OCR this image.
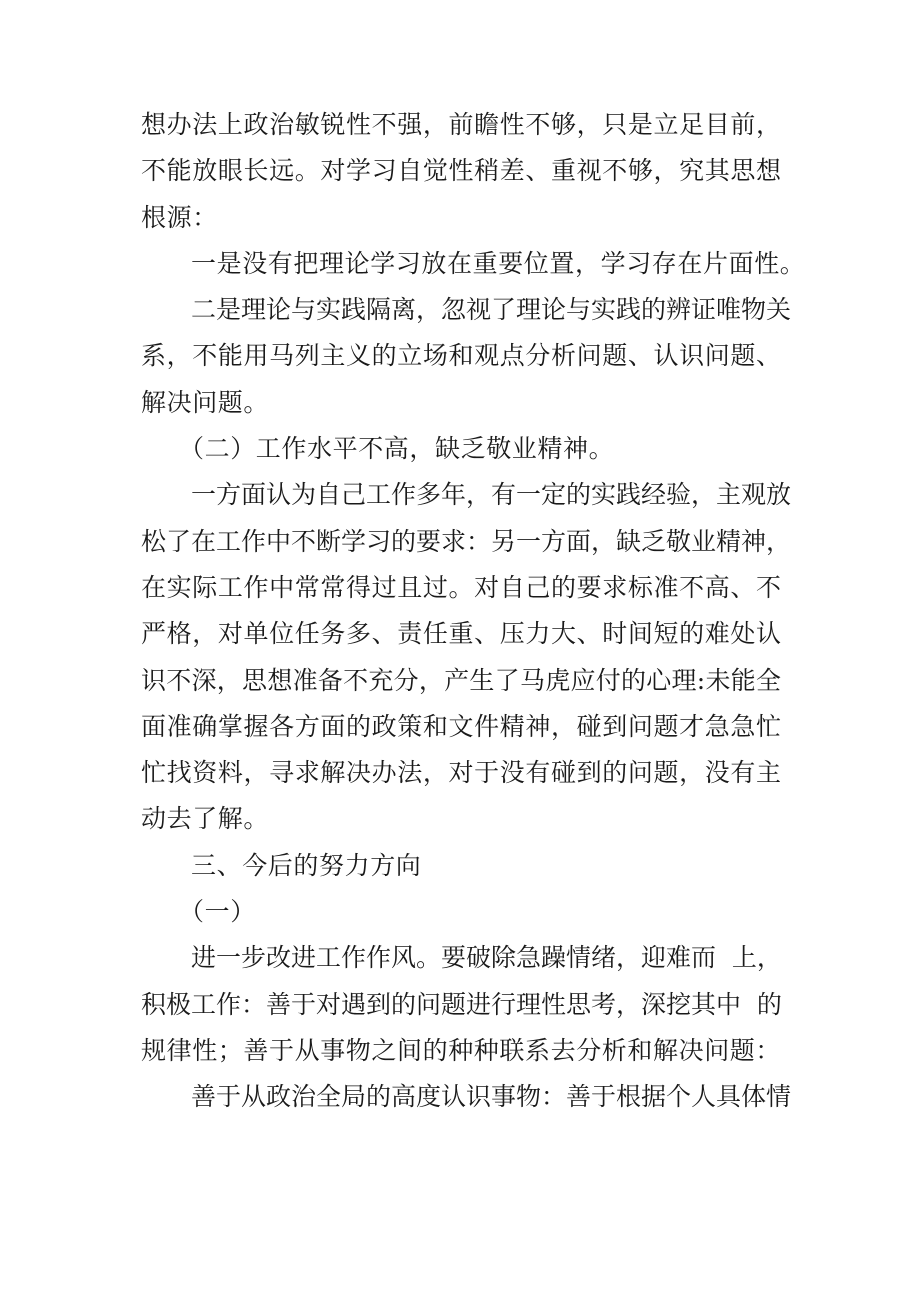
想办法上政治敏锐性不强，前瞻性不够，只是立足目前，
不能放眼长远。对学习自觉性稍差、重视不够，究其思想
根源：
一是没有把理论学习放在重要位置，学习存在片面性。
二是理论与实践隔离，忽视了理论与实践的辨证唯物关
系，不能用马列主义的立场和观点分析问题、认识问题、
解决问题。
（二）工作水平不高，缺乏敬业精神。
一方面认为自己工作多年，有一定的实践经验，主观放
松了在工作中不断学习的要求：另一方面，缺乏敬业精神，
在实际工作中常常得过且过。对自己的要求标准不高、不
严格，对单位任务多、责任重、压力大、时间短的难处认
识不深，思想准备不充分，产生了马虎应付的心理:未能全
面准确掌握各方面的政策和文件精神，碰到问题才急急忙
忙找资料，寻求解决办法，对于没有碰到的问题，没有主
动去了解。
三、今后的努力方向
（一）
进一步改进工作作风。要破除急躁情绪，迎难而  上，
积极工作：善于对遇到的问题进行理性思考，深挖其中  的
规律性；善于从事物之间的种种联系去分析和解决问题：
善于从政治全局的高度认识事物：善于根据个人具体情
